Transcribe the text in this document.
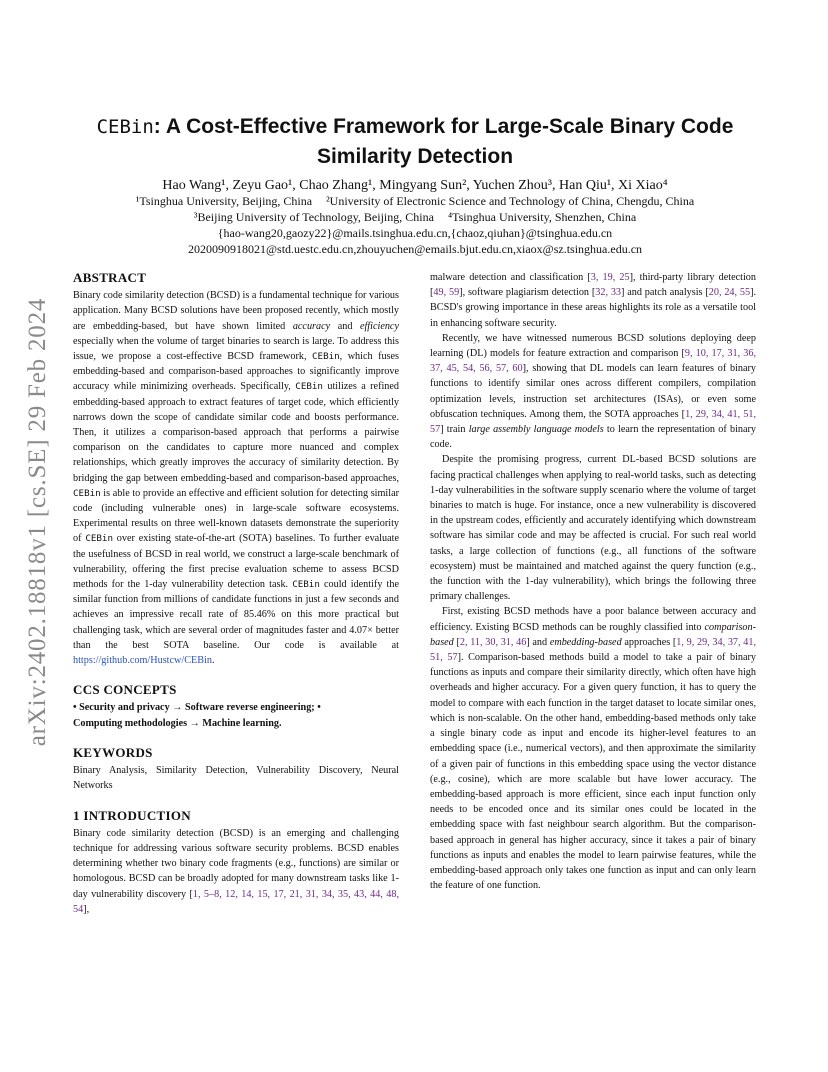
arXiv:2402.18818v1 [cs.SE] 29 Feb 2024
CEBin: A Cost-Effective Framework for Large-Scale Binary Code
Similarity Detection
Hao Wang¹, Zeyu Gao¹, Chao Zhang¹, Mingyang Sun², Yuchen Zhou³, Han Qiu¹, Xi Xiao⁴
¹Tsinghua University, Beijing, China ²University of Electronic Science and Technology of China, Chengdu, China
³Beijing University of Technology, Beijing, China ⁴Tsinghua University, Shenzhen, China
{hao-wang20,gaozy22}@mails.tsinghua.edu.cn,{chaoz,qiuhan}@tsinghua.edu.cn
2020090918021@std.uestc.edu.cn,zhouyuchen@emails.bjut.edu.cn,xiaox@sz.tsinghua.edu.cn
ABSTRACT

Binary code similarity detection (BCSD) is a fundamental technique for various application. Many BCSD solutions have been proposed recently, which mostly are embedding-based, but have shown limited accuracy and efficiency especially when the volume of target binaries to search is large. To address this issue, we propose a cost-effective BCSD framework, CEBin, which fuses embedding-based and comparison-based approaches to significantly improve accuracy while minimizing overheads. Specifically, CEBin utilizes a refined embedding-based approach to extract features of target code, which efficiently narrows down the scope of candidate similar code and boosts performance. Then, it utilizes a comparison-based approach that performs a pairwise comparison on the candidates to capture more nuanced and complex relationships, which greatly improves the accuracy of similarity detection. By bridging the gap between embedding-based and comparison-based approaches, CEBin is able to provide an effective and efficient solution for detecting similar code (including vulnerable ones) in large-scale software ecosystems. Experimental results on three well-known datasets demonstrate the superiority of CEBin over existing state-of-the-art (SOTA) baselines. To further evaluate the usefulness of BCSD in real world, we construct a large-scale benchmark of vulnerability, offering the first precise evaluation scheme to assess BCSD methods for the 1-day vulnerability detection task. CEBin could identify the similar function from millions of candidate functions in just a few seconds and achieves an impressive recall rate of 85.46% on this more practical but challenging task, which are several order of magnitudes faster and 4.07× better than the best SOTA baseline. Our code is available at https://github.com/Hustcw/CEBin.

CCS CONCEPTS

• Security and privacy → Software reverse engineering; •
Computing methodologies → Machine learning.

KEYWORDS

Binary Analysis, Similarity Detection, Vulnerability Discovery, Neural Networks

1 INTRODUCTION

Binary code similarity detection (BCSD) is an emerging and challenging technique for addressing various software security problems. BCSD enables determining whether two binary code fragments (e.g., functions) are similar or homologous. BCSD can be broadly adopted for many downstream tasks like 1-day vulnerability discovery [1, 5–8, 12, 14, 15, 17, 21, 31, 34, 35, 43, 44, 48, 54],

malware detection and classification [3, 19, 25], third-party library detection [49, 59], software plagiarism detection [32, 33] and patch analysis [20, 24, 55]. BCSD's growing importance in these areas highlights its role as a versatile tool in enhancing software security.

Recently, we have witnessed numerous BCSD solutions deploying deep learning (DL) models for feature extraction and comparison [9, 10, 17, 31, 36, 37, 45, 54, 56, 57, 60], showing that DL models can learn features of binary functions to identify similar ones across different compilers, compilation optimization levels, instruction set architectures (ISAs), or even some obfuscation techniques. Among them, the SOTA approaches [1, 29, 34, 41, 51, 57] train large assembly language models to learn the representation of binary code.

Despite the promising progress, current DL-based BCSD solutions are facing practical challenges when applying to real-world tasks, such as detecting 1-day vulnerabilities in the software supply scenario where the volume of target binaries to match is huge. For instance, once a new vulnerability is discovered in the upstream codes, efficiently and accurately identifying which downstream software has similar code and may be affected is crucial. For such real world tasks, a large collection of functions (e.g., all functions of the software ecosystem) must be maintained and matched against the query function (e.g., the function with the 1-day vulnerability), which brings the following three primary challenges.

First, existing BCSD methods have a poor balance between accuracy and efficiency. Existing BCSD methods can be roughly classified into comparison-based [2, 11, 30, 31, 46] and embedding-based approaches [1, 9, 29, 34, 37, 41, 51, 57]. Comparison-based methods build a model to take a pair of binary functions as inputs and compare their similarity directly, which often have high overheads and higher accuracy. For a given query function, it has to query the model to compare with each function in the target dataset to locate similar ones, which is non-scalable. On the other hand, embedding-based methods only take a single binary code as input and encode its higher-level features to an embedding space (i.e., numerical vectors), and then approximate the similarity of a given pair of functions in this embedding space using the vector distance (e.g., cosine), which are more scalable but have lower accuracy. The embedding-based approach is more efficient, since each input function only needs to be encoded once and its similar ones could be located in the embedding space with fast neighbour search algorithm. But the comparison-based approach in general has higher accuracy, since it takes a pair of binary functions as inputs and enables the model to learn pairwise features, while the embedding-based approach only takes one function as input and can only learn the feature of one function.
